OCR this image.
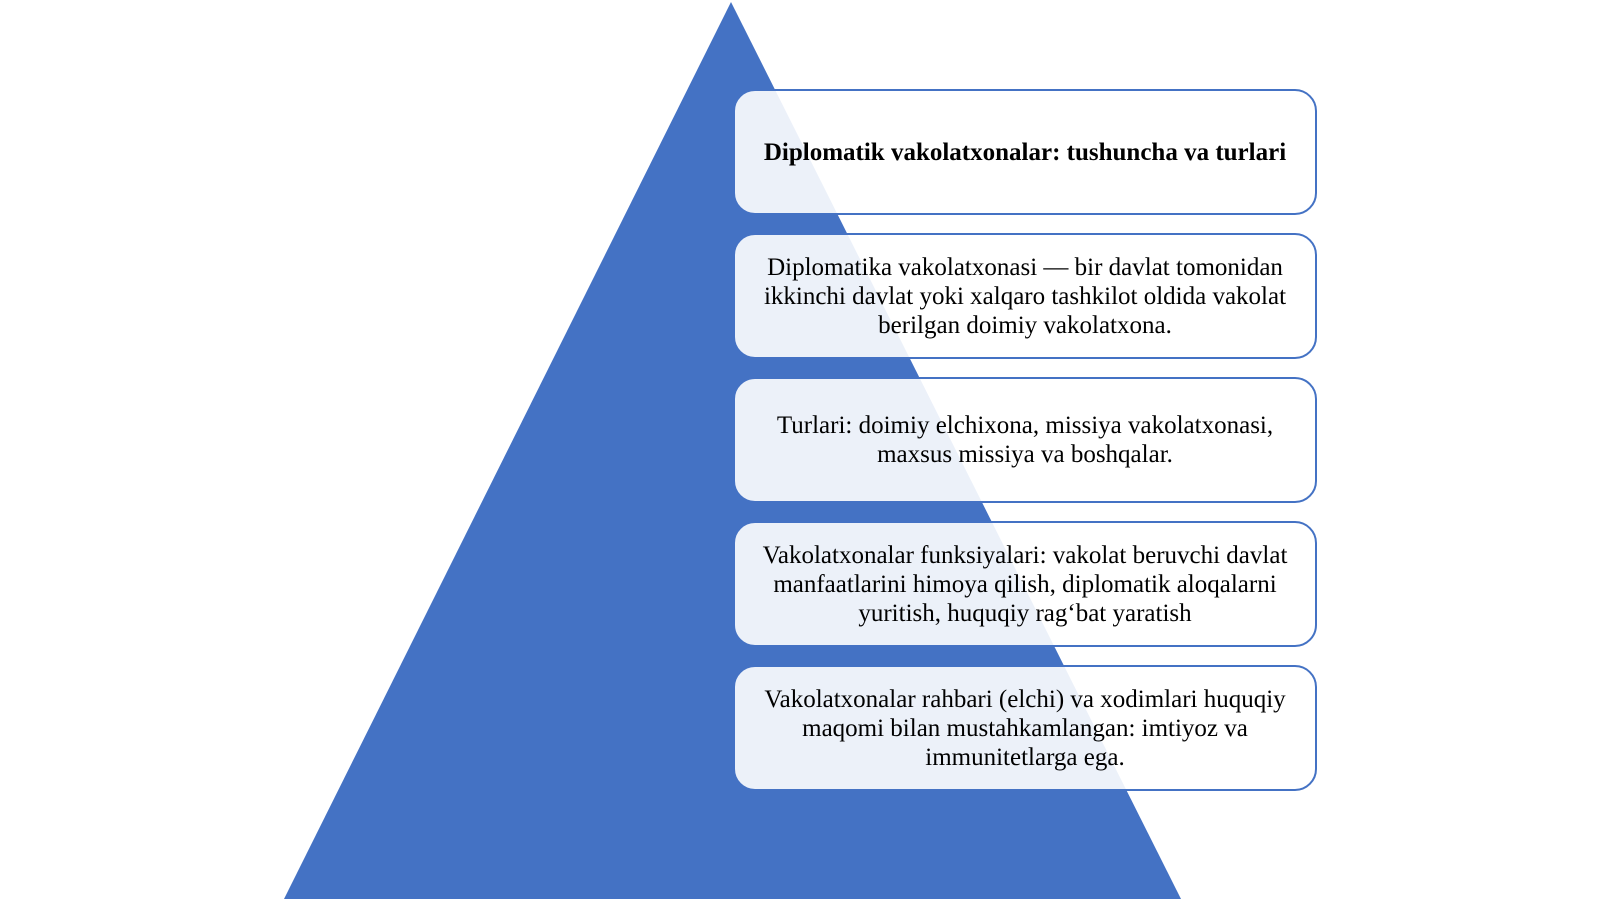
Diplomatik vakolatxonalar: tushuncha va turlari
Diplomatika vakolatxonasi — bir davlat tomonidan ikkinchi davlat yoki xalqaro tashkilot oldida vakolat berilgan doimiy vakolatxona.
Turlari: doimiy elchixona, missiya vakolatxonasi, maxsus missiya va boshqalar.
Vakolatxonalar funksiyalari: vakolat beruvchi davlat manfaatlarini himoya qilish, diplomatik aloqalarni yuritish, huquqiy rag‘bat yaratish
Vakolatxonalar rahbari (elchi) va xodimlari huquqiy maqomi bilan mustahkamlangan: imtiyoz va immunitetlarga ega.
